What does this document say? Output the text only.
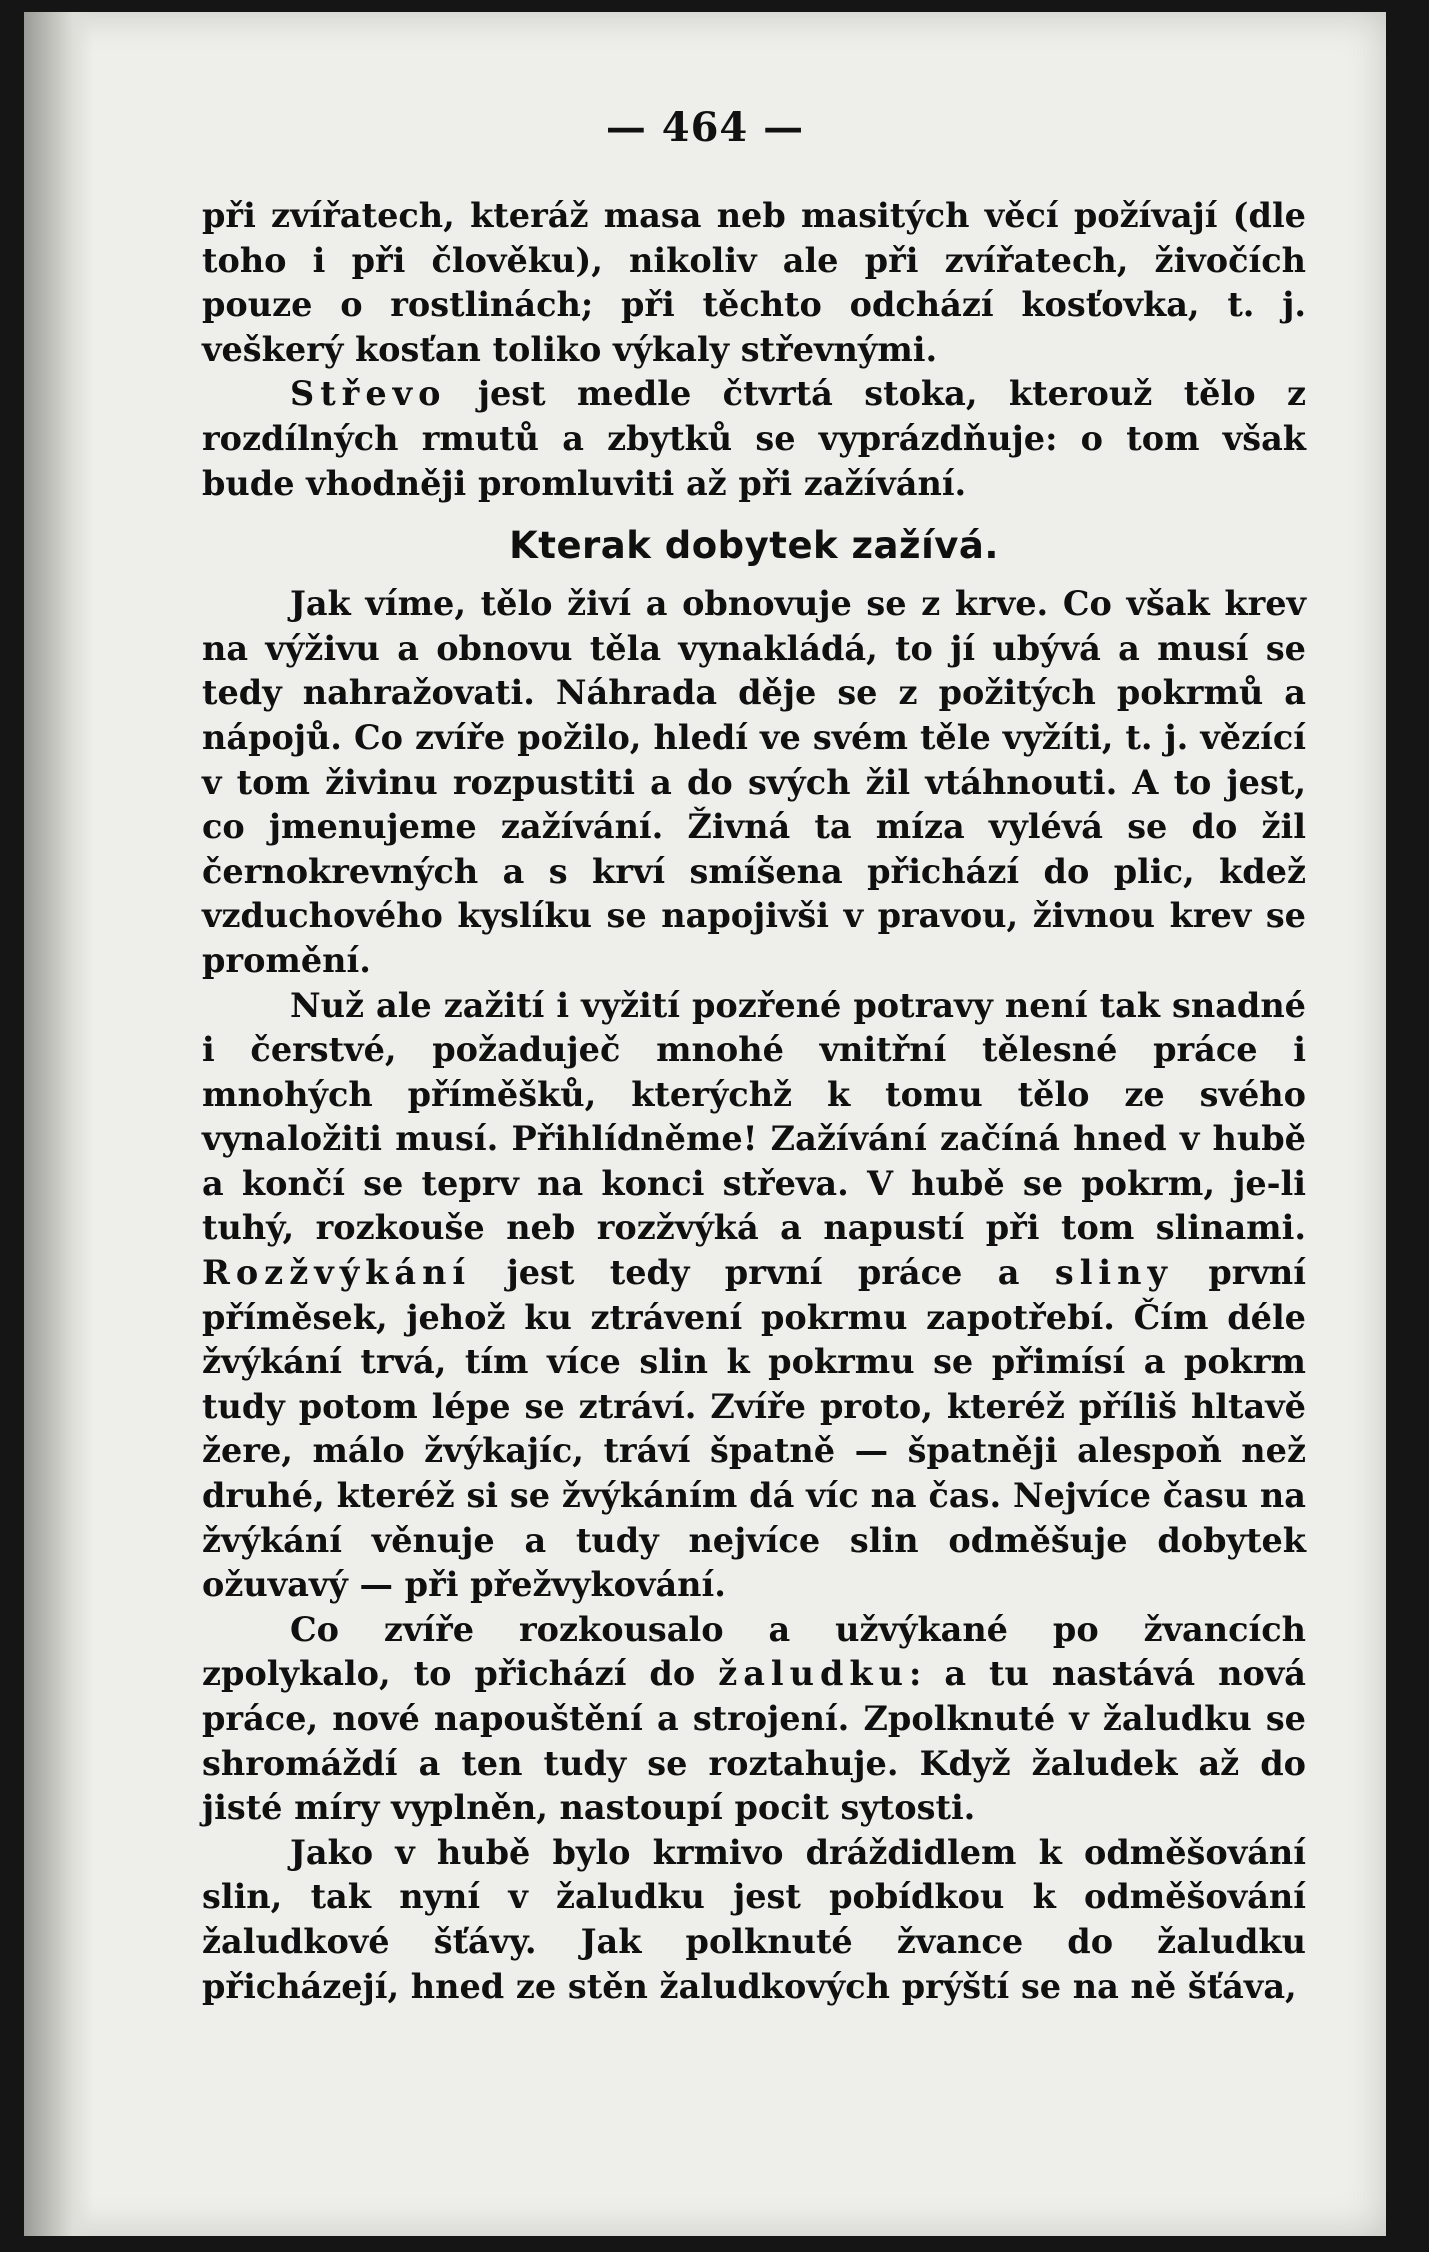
— 464 —

při zvířatech, kteráž masa neb masitých věcí požívají (dle toho i při člověku), nikoliv ale při zvířatech, živočích pouze o rostlinách; při těchto odchází kosťovka, t. j. veškerý kosťan toliko výkaly střevnými.

Střevo jest medle čtvrtá stoka, kterouž tělo z rozdílných rmutů a zbytků se vyprázdňuje: o tom však bude vhodněji promluviti až při zažívání.

Kterak dobytek zažívá.

Jak víme, tělo živí a obnovuje se z krve. Co však krev na výživu a obnovu těla vynakládá, to jí ubývá a musí se tedy nahražovati. Náhrada děje se z požitých pokrmů a nápojů. Co zvíře požilo, hledí ve svém těle vyžíti, t. j. vězící v tom živinu rozpustiti a do svých žil vtáhnouti. A to jest, co jmenujeme zažívání. Živná ta míza vylévá se do žil černokrevných a s krví smíšena přichází do plic, kdež vzduchového kyslíku se napojivši v pravou, živnou krev se promění.

Nuž ale zažití i vyžití pozřené potravy není tak snadné i čerstvé, požaduječ mnohé vnitřní tělesné práce i mnohých příměšků, kterýchž k tomu tělo ze svého vynaložiti musí. Přihlídněme! Zažívání začíná hned v hubě a končí se teprv na konci střeva. V hubě se pokrm, je-li tuhý, rozkouše neb rozžvýká a napustí při tom slinami. Rozžvýkání jest tedy první práce a sliny první příměsek, jehož ku ztrávení pokrmu zapotřebí. Čím déle žvýkání trvá, tím více slin k pokrmu se přimísí a pokrm tudy potom lépe se ztráví. Zvíře proto, kteréž příliš hltavě žere, málo žvýkajíc, tráví špatně — špatněji alespoň než druhé, kteréž si se žvýkáním dá víc na čas. Nejvíce času na žvýkání věnuje a tudy nejvíce slin odměšuje dobytek ožuvavý — při přežvykování.

Co zvíře rozkousalo a užvýkané po žvancích zpolykalo, to přichází do žaludku: a tu nastává nová práce, nové napouštění a strojení. Zpolknuté v žaludku se shromáždí a ten tudy se roztahuje. Když žaludek až do jisté míry vyplněn, nastoupí pocit sytosti.

Jako v hubě bylo krmivo dráždidlem k odměšování slin, tak nyní v žaludku jest pobídkou k odměšování žaludkové šťávy. Jak polknuté žvance do žaludku přicházejí, hned ze stěn žaludkových prýští se na ně šťáva,
